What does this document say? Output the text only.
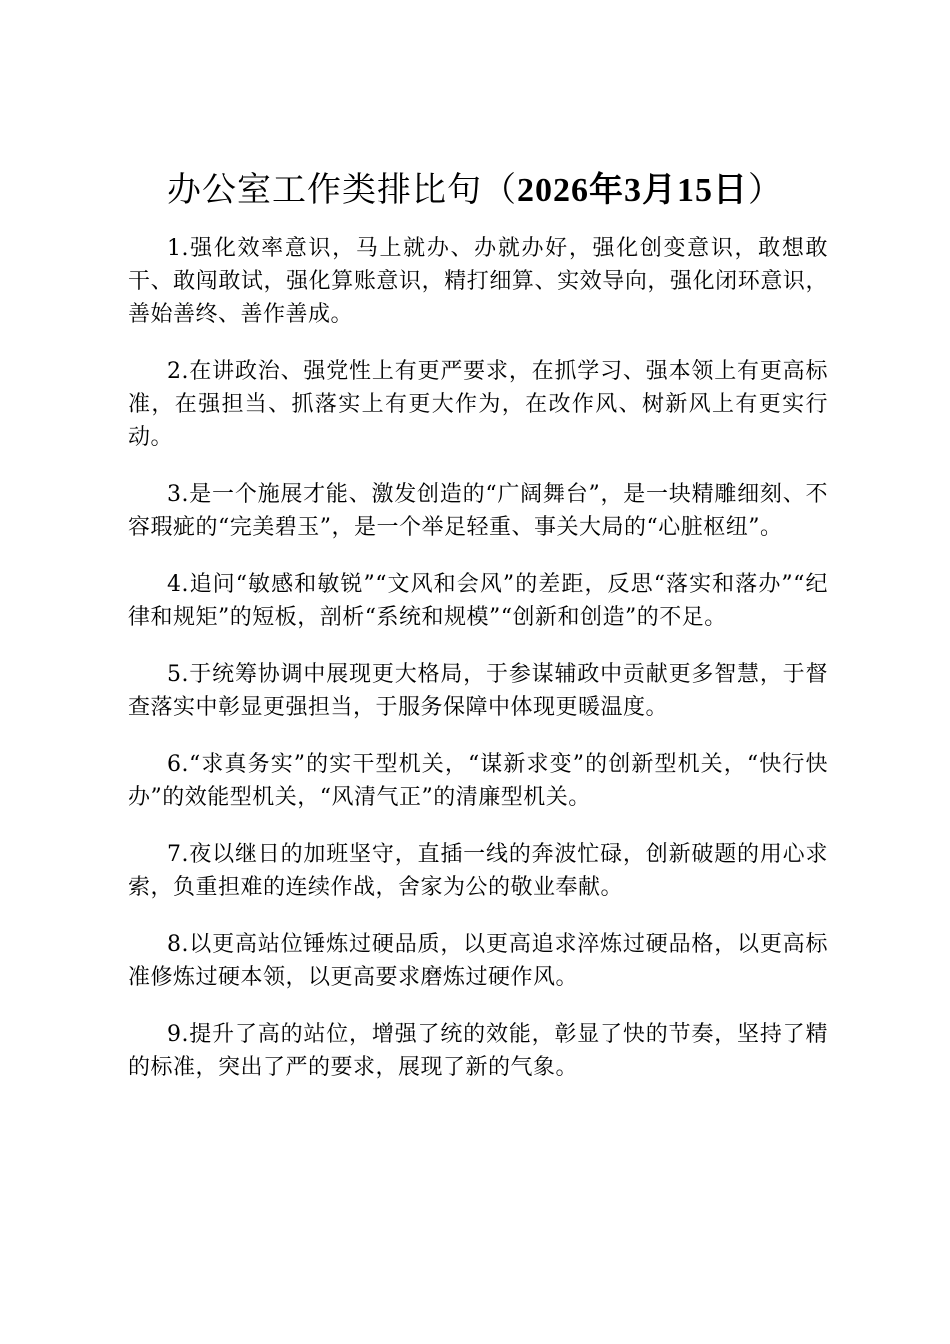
办公室工作类排比句（2026年3月15日）

1.强化效率意识，马上就办、办就办好，强化创变意识，敢想敢干、敢闯敢试，强化算账意识，精打细算、实效导向，强化闭环意识，善始善终、善作善成。

2.在讲政治、强党性上有更严要求，在抓学习、强本领上有更高标准，在强担当、抓落实上有更大作为，在改作风、树新风上有更实行动。

3.是一个施展才能、激发创造的“广阔舞台”，是一块精雕细刻、不容瑕疵的“完美碧玉”，是一个举足轻重、事关大局的“心脏枢纽”。

4.追问“敏感和敏锐”“文风和会风”的差距，反思“落实和落办”“纪律和规矩”的短板，剖析“系统和规模”“创新和创造”的不足。

5.于统筹协调中展现更大格局，于参谋辅政中贡献更多智慧，于督查落实中彰显更强担当，于服务保障中体现更暖温度。

6.“求真务实”的实干型机关，“谋新求变”的创新型机关，“快行快办”的效能型机关，“风清气正”的清廉型机关。

7.夜以继日的加班坚守，直插一线的奔波忙碌，创新破题的用心求索，负重担难的连续作战，舍家为公的敬业奉献。

8.以更高站位锤炼过硬品质，以更高追求淬炼过硬品格，以更高标准修炼过硬本领，以更高要求磨炼过硬作风。

9.提升了高的站位，增强了统的效能，彰显了快的节奏，坚持了精的标准，突出了严的要求，展现了新的气象。
